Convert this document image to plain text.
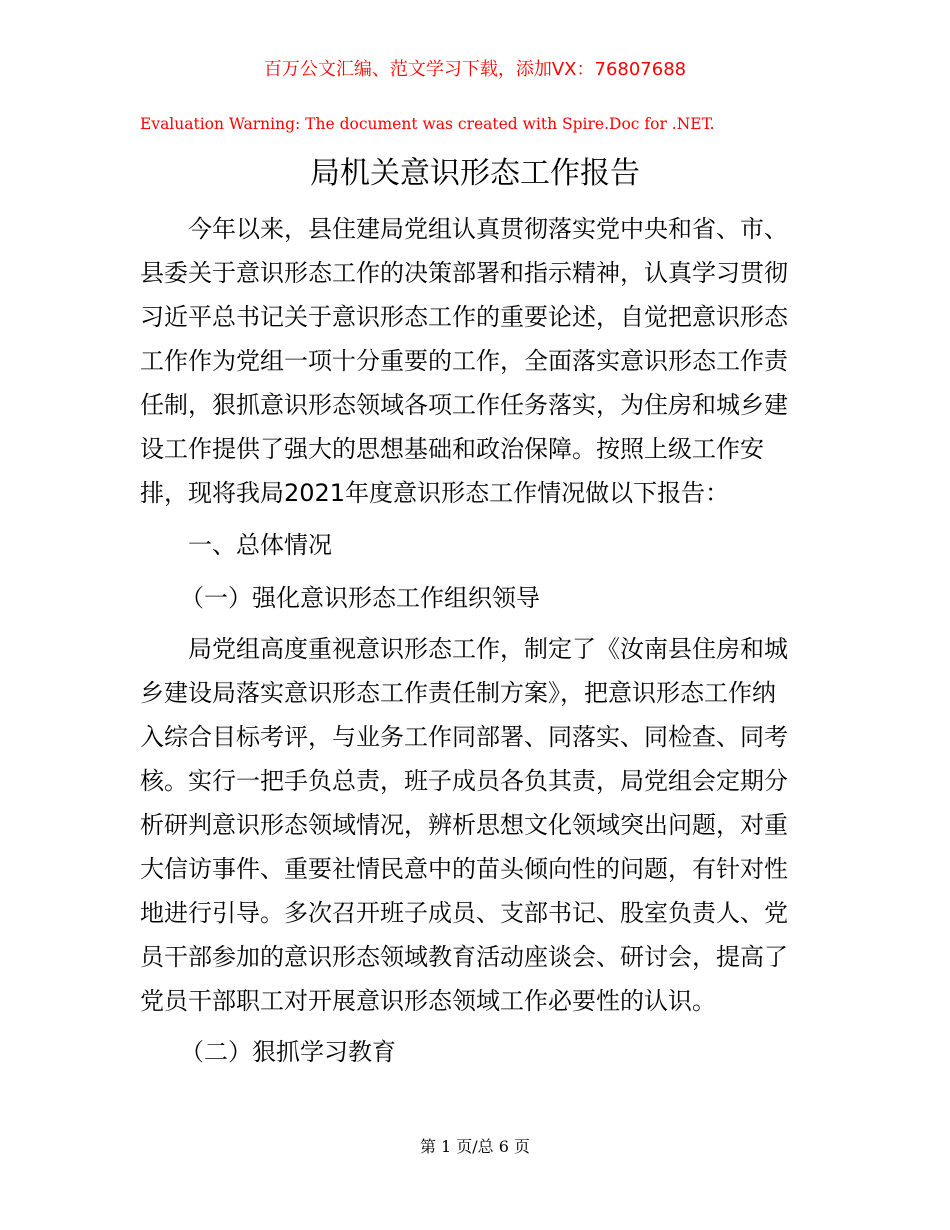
百万公文汇编、范文学习下载，添加VX：76807688
Evaluation Warning: The document was created with Spire.Doc for .NET.
局机关意识形态工作报告
今年以来，县住建局党组认真贯彻落实党中央和省、市、
县委关于意识形态工作的决策部署和指示精神，认真学习贯彻
习近平总书记关于意识形态工作的重要论述，自觉把意识形态
工作作为党组一项十分重要的工作，全面落实意识形态工作责
任制，狠抓意识形态领域各项工作任务落实，为住房和城乡建
设工作提供了强大的思想基础和政治保障。按照上级工作安
排，现将我局2021年度意识形态工作情况做以下报告：
一、总体情况
（一）强化意识形态工作组织领导
局党组高度重视意识形态工作，制定了《汝南县住房和城
乡建设局落实意识形态工作责任制方案》，把意识形态工作纳
入综合目标考评，与业务工作同部署、同落实、同检查、同考
核。实行一把手负总责，班子成员各负其责，局党组会定期分
析研判意识形态领域情况，辨析思想文化领域突出问题，对重
大信访事件、重要社情民意中的苗头倾向性的问题，有针对性
地进行引导。多次召开班子成员、支部书记、股室负责人、党
员干部参加的意识形态领域教育活动座谈会、研讨会，提高了
党员干部职工对开展意识形态领域工作必要性的认识。
（二）狠抓学习教育
第 1 页/总 6 页
